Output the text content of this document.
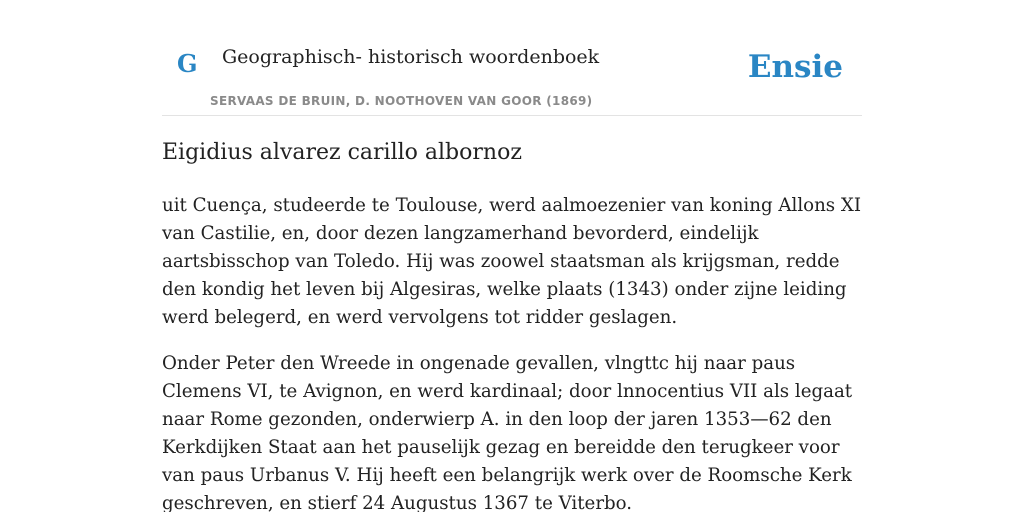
G Geographisch- historisch woordenboek
SERVAAS DE BRUIN, D. NOOTHOVEN VAN GOOR (1869)
Ensie
Eigidius alvarez carillo albornoz

uit Cuença, studeerde te Toulouse, werd aalmoezenier van koning Allons XI van Castilie, en, door dezen langzamerhand bevorderd, eindelijk aartsbisschop van Toledo. Hij was zoowel staatsman als krijgsman, redde den kondig het leven bij Algesiras, welke plaats (1343) onder zijne leiding werd belegerd, en werd vervolgens tot ridder geslagen.

Onder Peter den Wreede in ongenade gevallen, vlngttc hij naar paus Clemens VI, te Avignon, en werd kardinaal; door lnnocentius VII als legaat naar Rome gezonden, onderwierp A. in den loop der jaren 1353—62 den Kerkdijken Staat aan het pauselijk gezag en bereidde den terugkeer voor van paus Urbanus V. Hij heeft een belangrijk werk over de Roomsche Kerk geschreven, en stierf 24 Augustus 1367 te Viterbo.
